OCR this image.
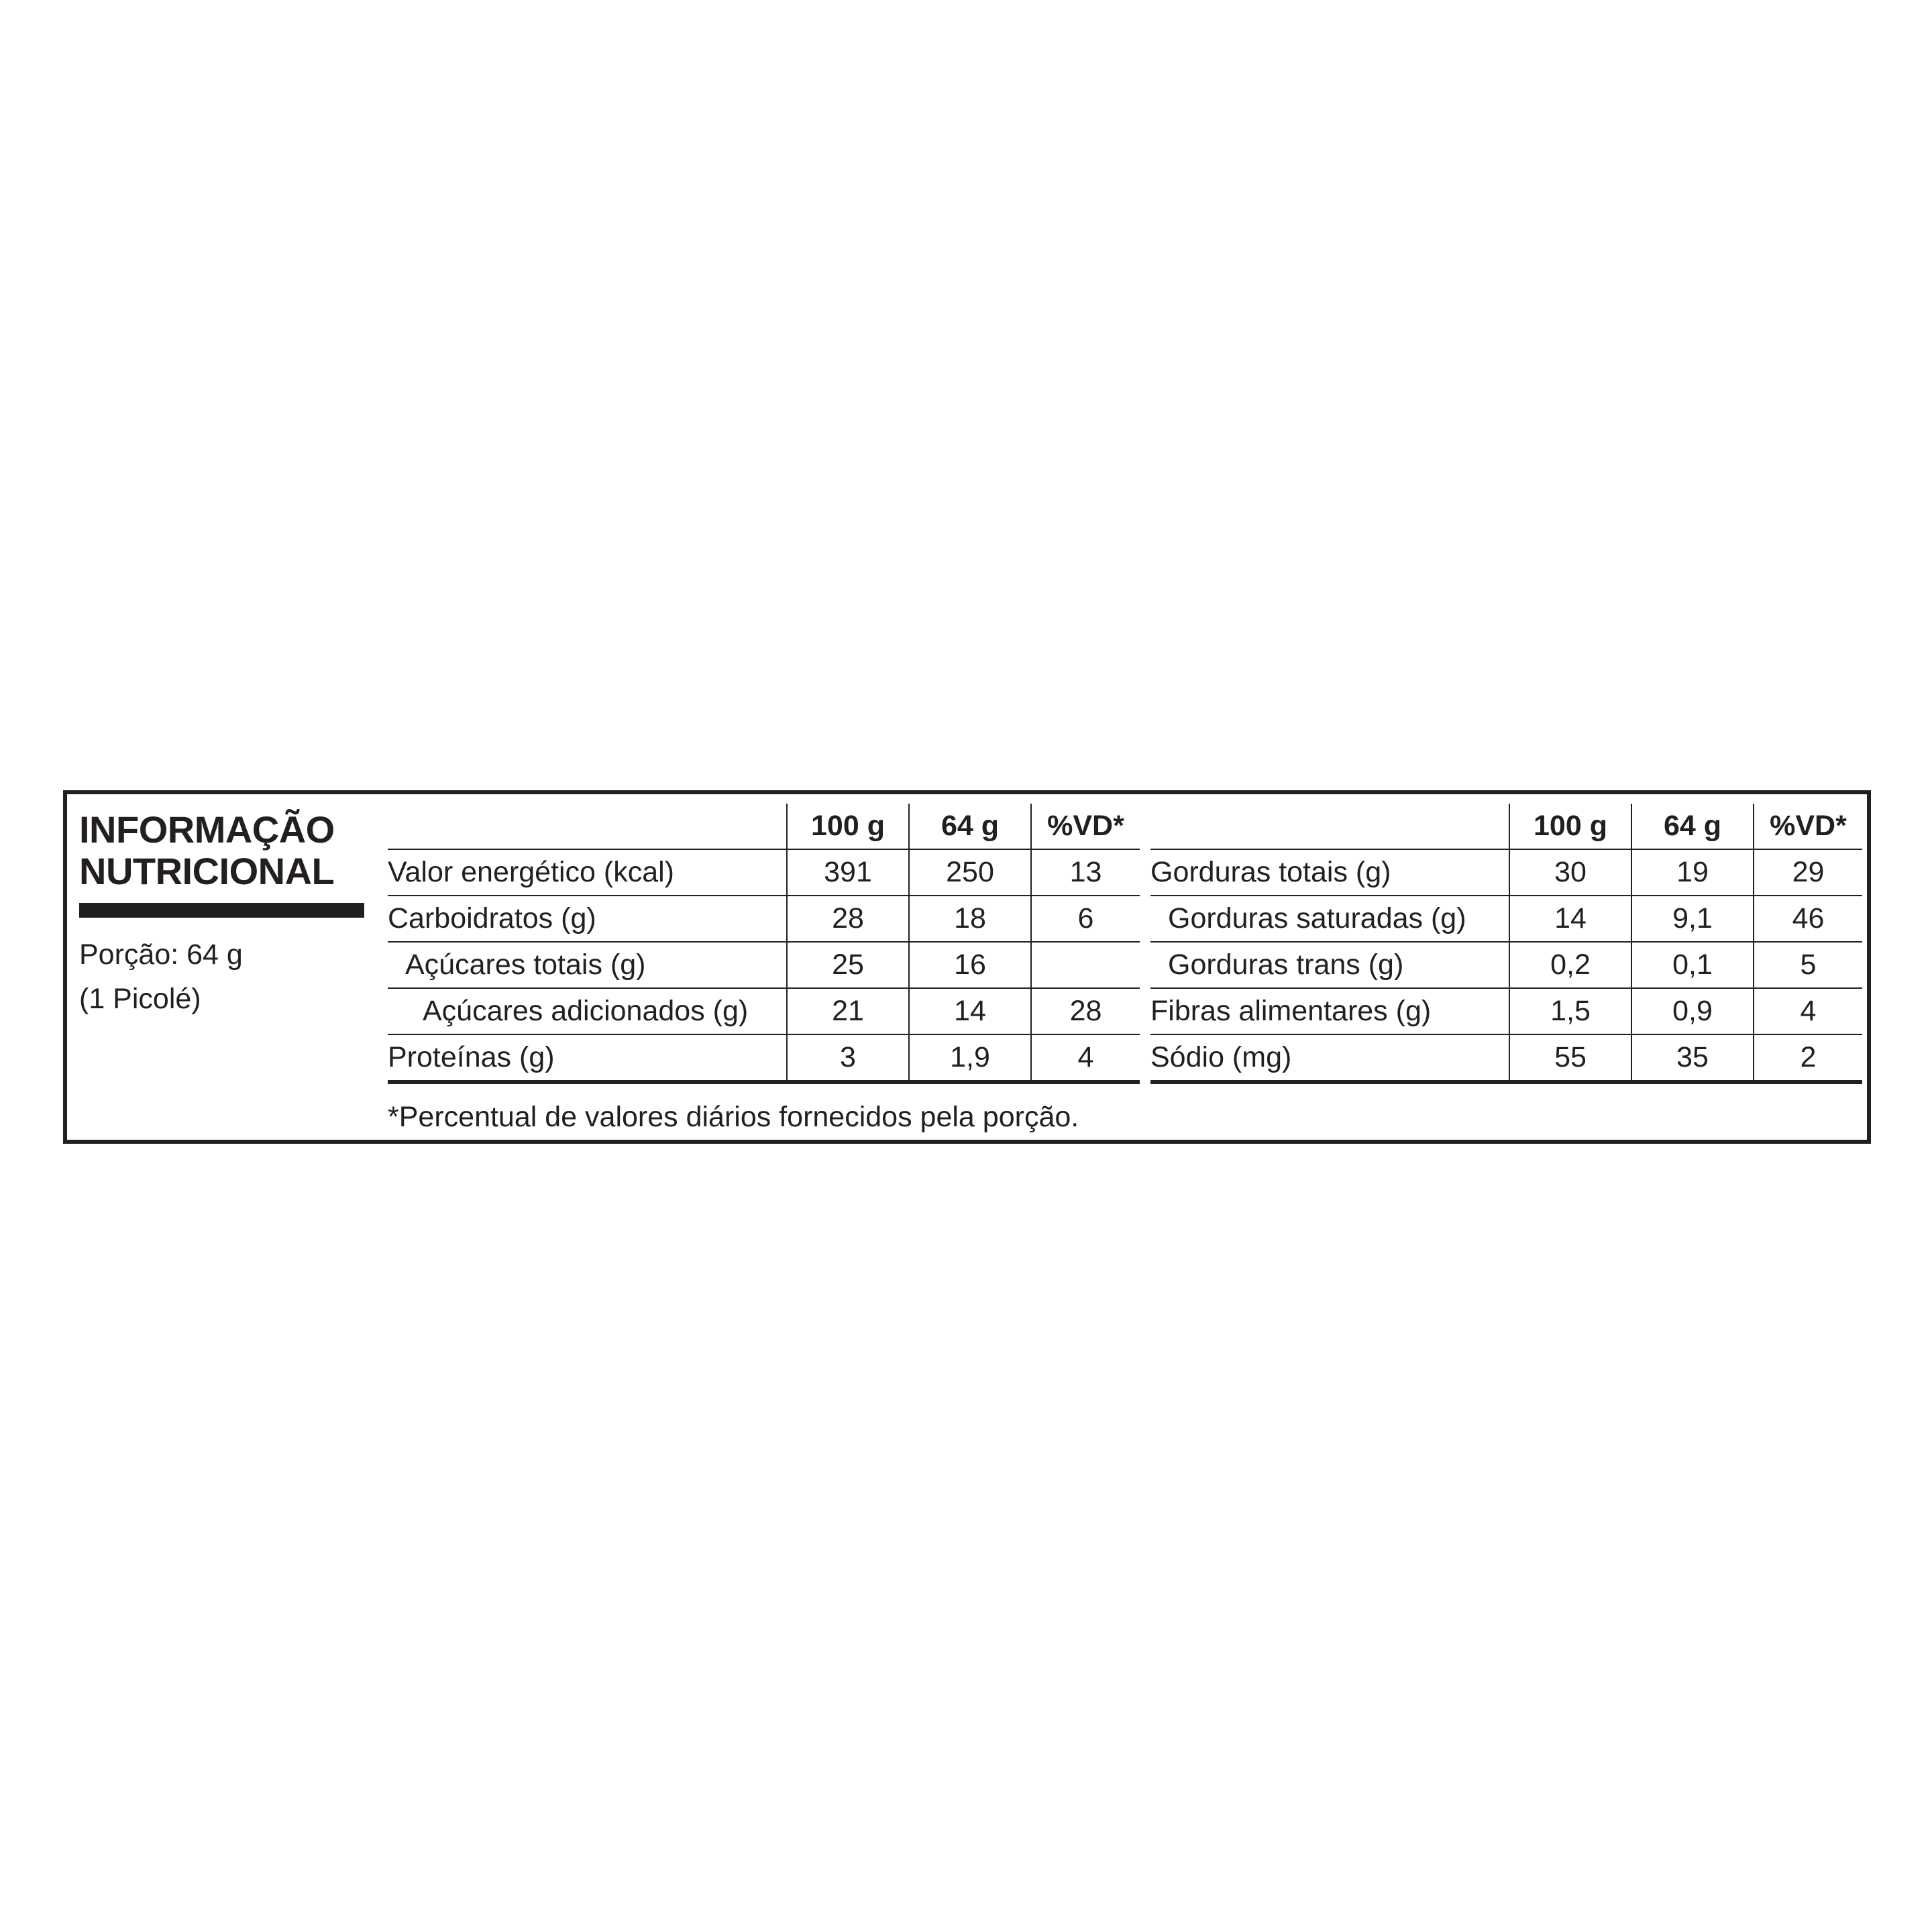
INFORMAÇÃO
NUTRICIONAL
Porção: 64 g
(1 Picolé)
	100 g	64 g	%VD*
Valor energético (kcal)	391	250	13
Carboidratos (g)	28	18	6
Açúcares totais (g)	25	16	
Açúcares adicionados (g)	21	14	28
Proteínas (g)	3	1,9	4
	100 g	64 g	%VD*
Gorduras totais (g)	30	19	29
Gorduras saturadas (g)	14	9,1	46
Gorduras trans (g)	0,2	0,1	5
Fibras alimentares (g)	1,5	0,9	4
Sódio (mg)	55	35	2
*Percentual de valores diários fornecidos pela porção.
